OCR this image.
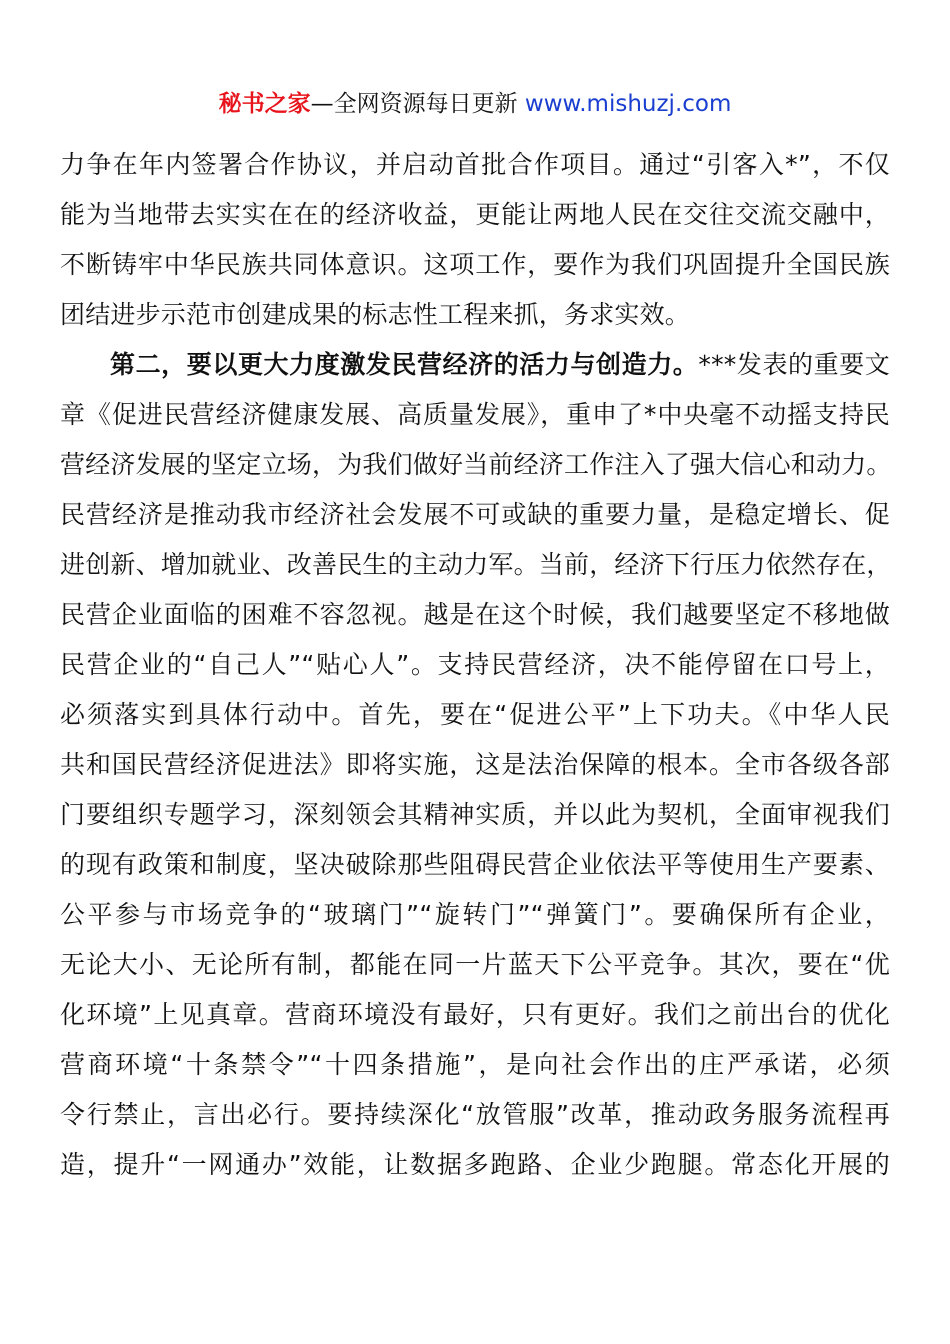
秘书之家—全网资源每日更新 www.mishuzj.com
力争在年内签署合作协议，并启动首批合作项目。通过“引客入*”，不仅
能为当地带去实实在在的经济收益，更能让两地人民在交往交流交融中，
不断铸牢中华民族共同体意识。这项工作，要作为我们巩固提升全国民族
团结进步示范市创建成果的标志性工程来抓，务求实效。
第二，要以更大力度激发民营经济的活力与创造力。***发表的重要文
章《促进民营经济健康发展、高质量发展》，重申了*中央毫不动摇支持民
营经济发展的坚定立场，为我们做好当前经济工作注入了强大信心和动力。
民营经济是推动我市经济社会发展不可或缺的重要力量，是稳定增长、促
进创新、增加就业、改善民生的主动力军。当前，经济下行压力依然存在，
民营企业面临的困难不容忽视。越是在这个时候，我们越要坚定不移地做
民营企业的“自己人”“贴心人”。支持民营经济，决不能停留在口号上，
必须落实到具体行动中。首先，要在“促进公平”上下功夫。《中华人民
共和国民营经济促进法》即将实施，这是法治保障的根本。全市各级各部
门要组织专题学习，深刻领会其精神实质，并以此为契机，全面审视我们
的现有政策和制度，坚决破除那些阻碍民营企业依法平等使用生产要素、
公平参与市场竞争的“玻璃门”“旋转门”“弹簧门”。要确保所有企业，
无论大小、无论所有制，都能在同一片蓝天下公平竞争。其次，要在“优
化环境”上见真章。营商环境没有最好，只有更好。我们之前出台的优化
营商环境“十条禁令”“十四条措施”，是向社会作出的庄严承诺，必须
令行禁止，言出必行。要持续深化“放管服”改革，推动政务服务流程再
造，提升“一网通办”效能，让数据多跑路、企业少跑腿。常态化开展的
